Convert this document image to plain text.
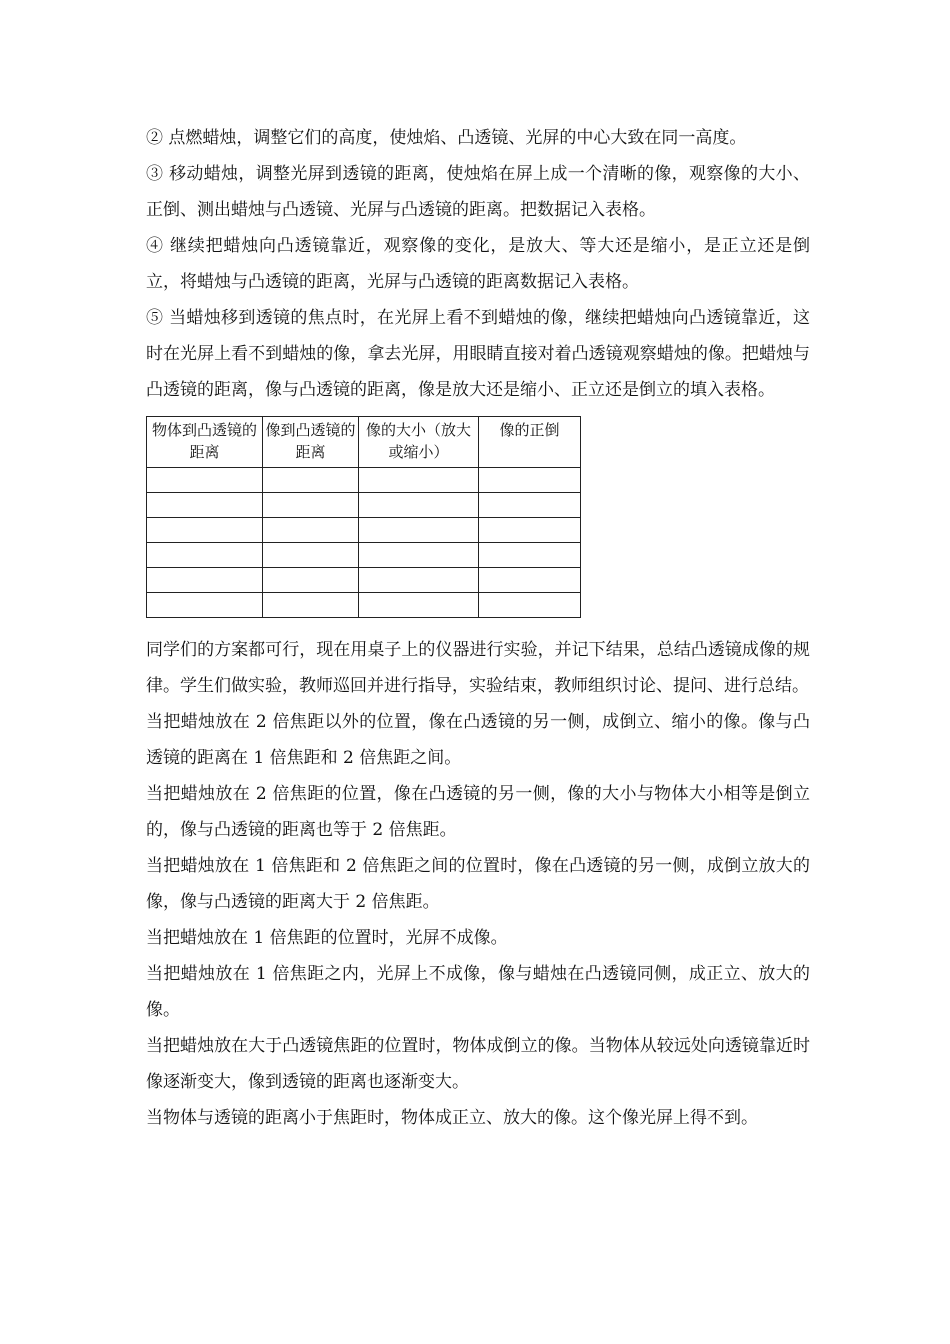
② 点燃蜡烛，调整它们的高度，使烛焰、凸透镜、光屏的中心大致在同一高度。

③ 移动蜡烛，调整光屏到透镜的距离，使烛焰在屏上成一个清晰的像，观察像的大小、正倒、测出蜡烛与凸透镜、光屏与凸透镜的距离。把数据记入表格。

④ 继续把蜡烛向凸透镜靠近，观察像的变化，是放大、等大还是缩小，是正立还是倒立，将蜡烛与凸透镜的距离，光屏与凸透镜的距离数据记入表格。

⑤ 当蜡烛移到透镜的焦点时，在光屏上看不到蜡烛的像，继续把蜡烛向凸透镜靠近，这时在光屏上看不到蜡烛的像，拿去光屏，用眼睛直接对着凸透镜观察蜡烛的像。把蜡烛与凸透镜的距离，像与凸透镜的距离，像是放大还是缩小、正立还是倒立的填入表格。

物体到凸透镜的距离	像到凸透镜的距离	像的大小（放大或缩小）	像的正倒

同学们的方案都可行，现在用桌子上的仪器进行实验，并记下结果，总结凸透镜成像的规律。学生们做实验，教师巡回并进行指导，实验结束，教师组织讨论、提问、进行总结。

当把蜡烛放在 2 倍焦距以外的位置，像在凸透镜的另一侧，成倒立、缩小的像。像与凸透镜的距离在 1 倍焦距和 2 倍焦距之间。

当把蜡烛放在 2 倍焦距的位置，像在凸透镜的另一侧，像的大小与物体大小相等是倒立的，像与凸透镜的距离也等于 2 倍焦距。

当把蜡烛放在 1 倍焦距和 2 倍焦距之间的位置时，像在凸透镜的另一侧，成倒立放大的像，像与凸透镜的距离大于 2 倍焦距。

当把蜡烛放在 1 倍焦距的位置时，光屏不成像。

当把蜡烛放在 1 倍焦距之内，光屏上不成像，像与蜡烛在凸透镜同侧，成正立、放大的像。

当把蜡烛放在大于凸透镜焦距的位置时，物体成倒立的像。当物体从较远处向透镜靠近时像逐渐变大，像到透镜的距离也逐渐变大。

当物体与透镜的距离小于焦距时，物体成正立、放大的像。这个像光屏上得不到。
